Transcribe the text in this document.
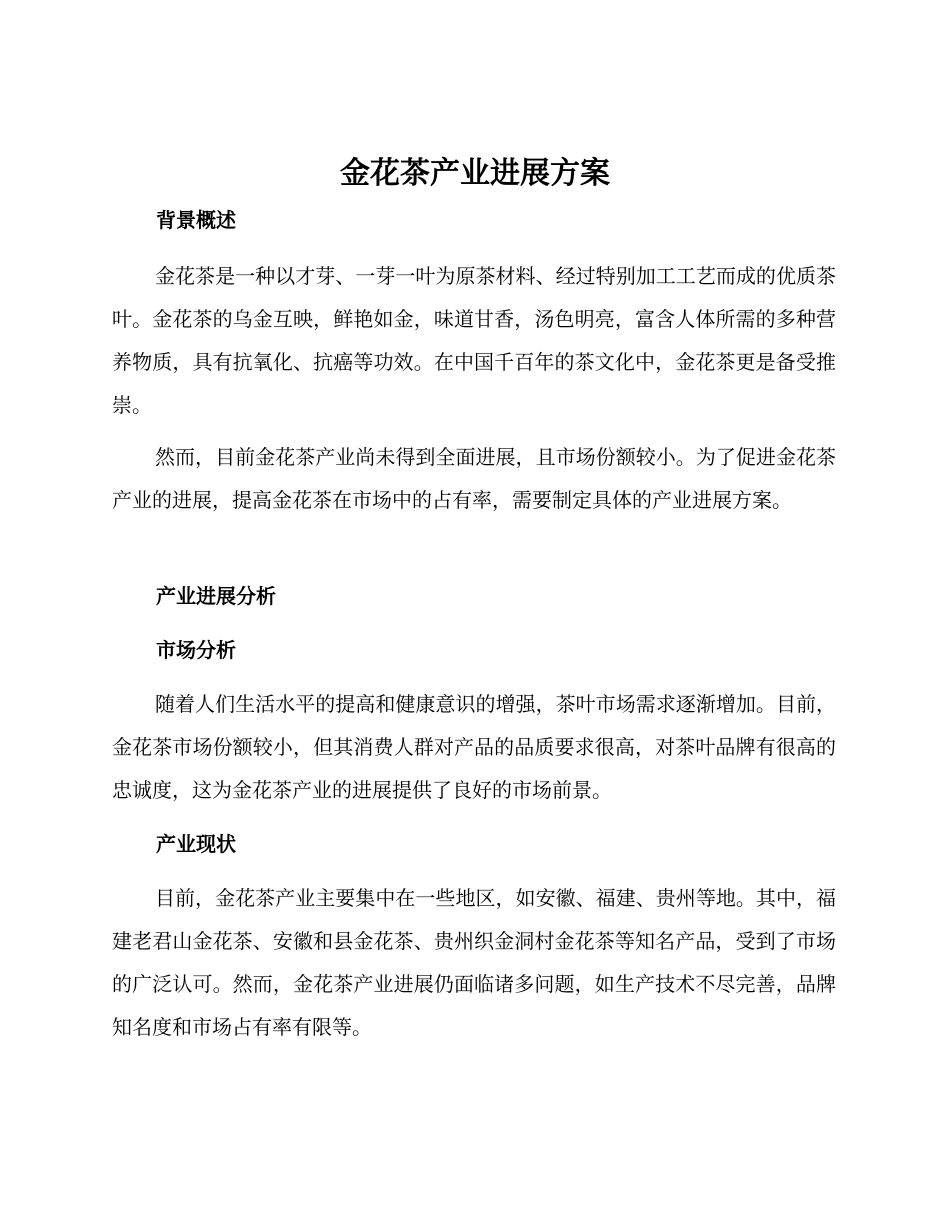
金花茶产业进展方案
背景概述

金花茶是一种以才芽、一芽一叶为原茶材料、经过特别加工工艺而成的优质茶叶。金花茶的乌金互映，鲜艳如金，味道甘香，汤色明亮，富含人体所需的多种营养物质，具有抗氧化、抗癌等功效。在中国千百年的茶文化中，金花茶更是备受推崇。

然而，目前金花茶产业尚未得到全面进展，且市场份额较小。为了促进金花茶产业的进展，提高金花茶在市场中的占有率，需要制定具体的产业进展方案。

产业进展分析
市场分析

随着人们生活水平的提高和健康意识的增强，茶叶市场需求逐渐增加。目前，金花茶市场份额较小，但其消费人群对产品的品质要求很高，对茶叶品牌有很高的忠诚度，这为金花茶产业的进展提供了良好的市场前景。

产业现状

目前，金花茶产业主要集中在一些地区，如安徽、福建、贵州等地。其中，福建老君山金花茶、安徽和县金花茶、贵州织金洞村金花茶等知名产品，受到了市场的广泛认可。然而，金花茶产业进展仍面临诸多问题，如生产技术不尽完善，品牌知名度和市场占有率有限等。
